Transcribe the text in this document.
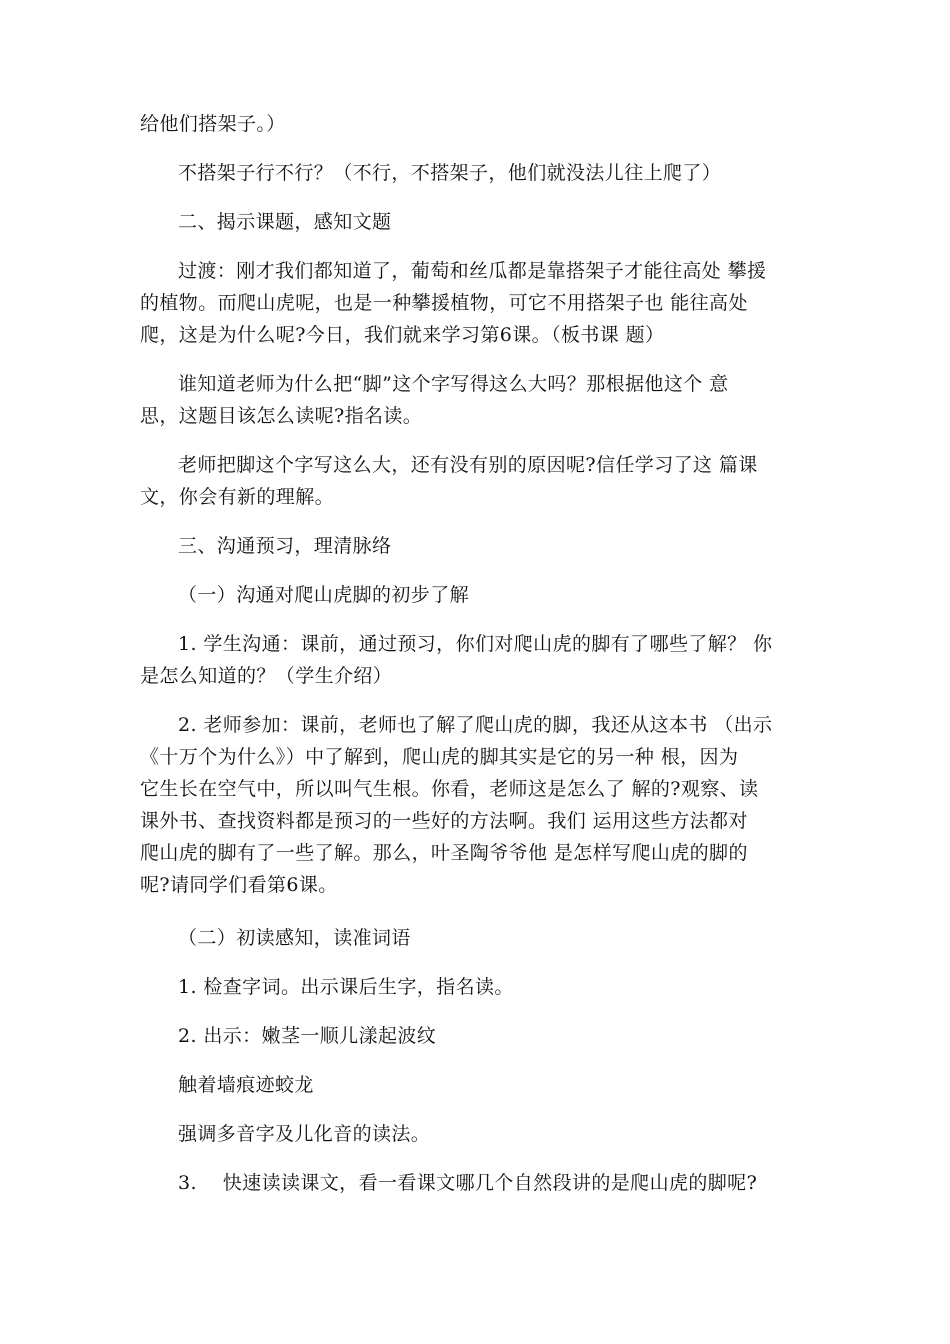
给他们搭架子。）
不搭架子行不行？（不行，不搭架子，他们就没法儿往上爬了）
二、揭示课题，感知文题
过渡：刚才我们都知道了，葡萄和丝瓜都是靠搭架子才能往高处 攀援
的植物。而爬山虎呢，也是一种攀援植物，可它不用搭架子也 能往高处
爬，这是为什么呢?今日，我们就来学习第6课。（板书课 题）
谁知道老师为什么把“脚”这个字写得这么大吗？那根据他这个 意
思，这题目该怎么读呢?指名读。
老师把脚这个字写这么大，还有没有别的原因呢?信任学习了这 篇课
文，你会有新的理解。
三、沟通预习，理清脉络
（一）沟通对爬山虎脚的初步了解
1. 学生沟通：课前，通过预习，你们对爬山虎的脚有了哪些了解？ 你
是怎么知道的？（学生介绍）
2. 老师参加：课前，老师也了解了爬山虎的脚，我还从这本书 （出示
《十万个为什么》）中了解到，爬山虎的脚其实是它的另一种 根，因为
它生长在空气中，所以叫气生根。你看，老师这是怎么了 解的?观察、读
课外书、查找资料都是预习的一些好的方法啊。我们 运用这些方法都对
爬山虎的脚有了一些了解。那么，叶圣陶爷爷他 是怎样写爬山虎的脚的
呢?请同学们看第6课。
（二）初读感知，读准词语
1. 检查字词。出示课后生字，指名读。
2. 出示：嫩茎一顺儿漾起波纹
触着墙痕迹蛟龙
强调多音字及儿化音的读法。
3.　 快速读读课文，看一看课文哪几个自然段讲的是爬山虎的脚呢?
